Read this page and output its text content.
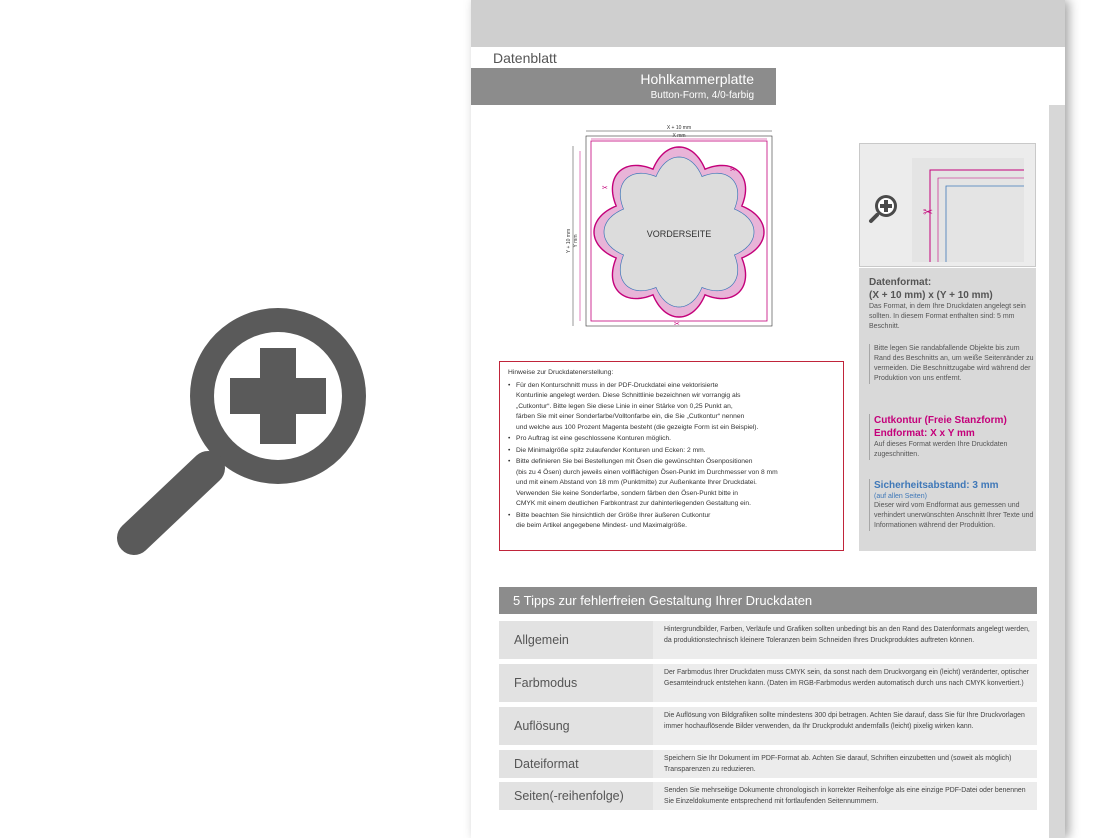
Datenblatt
Hohlkammerplatte
Button-Form, 4/0-farbig
X + 10 mm
X mm
Y + 10 mm Y mm
VORDERSEITE
✂
✂
✂
Hinweise zur Druckdatenerstellung:
• Für den Konturschnitt muss in der PDF-Druckdatei eine vektorisierte
Konturlinie angelegt werden. Diese Schnittlinie bezeichnen wir vorrangig als
„Cutkontur“. Bitte legen Sie diese Linie in einer Stärke von 0,25 Punkt an,
färben Sie mit einer Sonderfarbe/Volltonfarbe ein, die Sie „Cutkontur“ nennen
und welche aus 100 Prozent Magenta besteht (die gezeigte Form ist ein Beispiel).
• Pro Auftrag ist eine geschlossene Konturen möglich.
• Die Minimalgröße spitz zulaufender Konturen und Ecken: 2 mm.
• Bitte definieren Sie bei Bestellungen mit Ösen die gewünschten Ösenpositionen
(bis zu 4 Ösen) durch jeweils einen vollflächigen Ösen-Punkt im Durchmesser von 8 mm
und mit einem Abstand von 18 mm (Punktmitte) zur Außenkante Ihrer Druckdatei.
Verwenden Sie keine Sonderfarbe, sondern färben den Ösen-Punkt bitte in
CMYK mit einem deutlichen Farbkontrast zur dahinterliegenden Gestaltung ein.
• Bitte beachten Sie hinsichtlich der Größe Ihrer äußeren Cutkontur
die beim Artikel angegebene Mindest- und Maximalgröße.
✂
Datenformat:
(X + 10 mm) x (Y + 10 mm)
Das Format, in dem Ihre Druckdaten angelegt sein sollten. In diesem Format enthalten sind: 5 mm Beschnitt.
Bitte legen Sie randabfallende Objekte bis zum Rand des Beschnitts an, um weiße Seitenränder zu vermeiden. Die Beschnittzugabe wird während der Produktion von uns entfernt.
Cutkontur (Freie Stanzform)
Endformat: X x Y mm
Auf dieses Format werden Ihre Druckdaten zugeschnitten.
Sicherheitsabstand: 3 mm
(auf allen Seiten)
Dieser wird vom Endformat aus gemessen und verhindert unerwünschten Anschnitt Ihrer Texte und Informationen während der Produktion.
5 Tipps zur fehlerfreien Gestaltung Ihrer Druckdaten
Allgemein
Hintergrundbilder, Farben, Verläufe und Grafiken sollten unbedingt bis an den Rand des Datenformats angelegt werden, da produktionstechnisch kleinere Toleranzen beim Schneiden Ihres Druckproduktes auftreten können.
Farbmodus
Der Farbmodus Ihrer Druckdaten muss CMYK sein, da sonst nach dem Druckvorgang ein (leicht) veränderter, optischer Gesamteindruck entstehen kann. (Daten im RGB-Farbmodus werden automatisch durch uns nach CMYK konvertiert.)
Auflösung
Die Auflösung von Bildgrafiken sollte mindestens 300 dpi betragen. Achten Sie darauf, dass Sie für Ihre Druckvorlagen immer hochauflösende Bilder verwenden, da Ihr Druckprodukt andernfalls (leicht) pixelig wirken kann.
Dateiformat	Speichern Sie Ihr Dokument im PDF-Format ab. Achten Sie darauf, Schriften einzubetten und (soweit als möglich) Transparenzen zu reduzieren.
Seiten(-reihenfolge)	Senden Sie mehrseitige Dokumente chronologisch in korrekter Reihenfolge als eine einzige PDF-Datei oder benennen Sie Einzeldokumente entsprechend mit fortlaufenden Seitennummern.
